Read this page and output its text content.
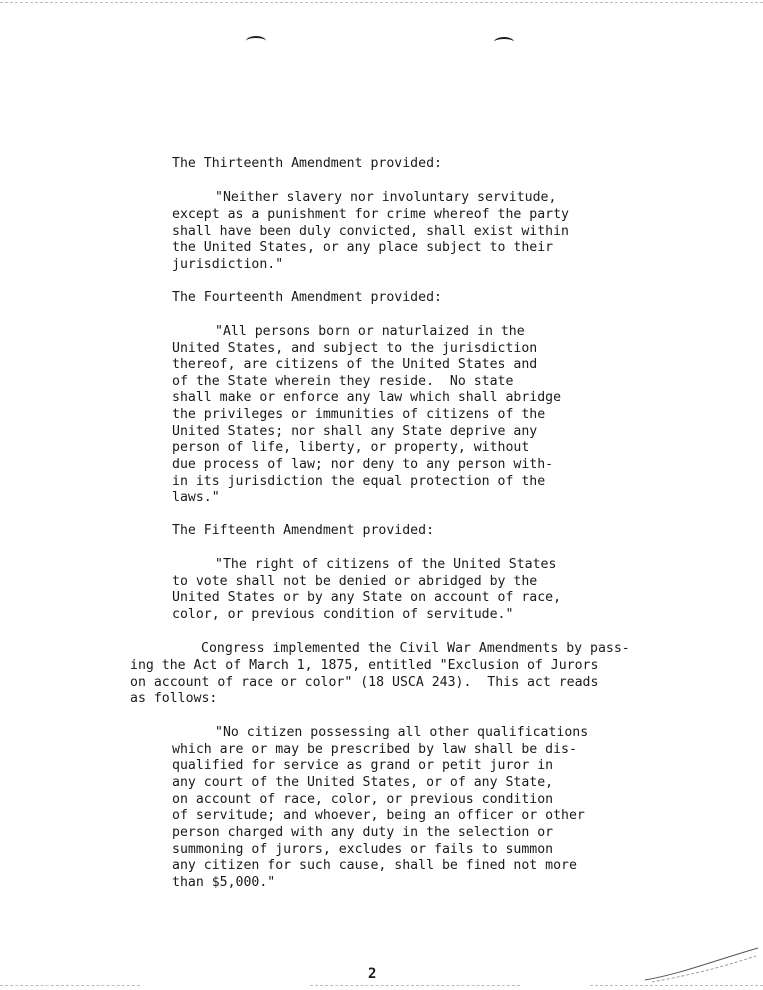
The Thirteenth Amendment provided:
"Neither slavery nor involuntary servitude,
except as a punishment for crime whereof the party
shall have been duly convicted, shall exist within
the United States, or any place subject to their
jurisdiction."
The Fourteenth Amendment provided:
"All persons born or naturlaized in the
United States, and subject to the jurisdiction
thereof, are citizens of the United States and
of the State wherein they reside.  No state
shall make or enforce any law which shall abridge
the privileges or immunities of citizens of the
United States; nor shall any State deprive any
person of life, liberty, or property, without
due process of law; nor deny to any person with-
in its jurisdiction the equal protection of the
laws."
The Fifteenth Amendment provided:
"The right of citizens of the United States
to vote shall not be denied or abridged by the
United States or by any State on account of race,
color, or previous condition of servitude."
Congress implemented the Civil War Amendments by pass-
ing the Act of March 1, 1875, entitled "Exclusion of Jurors
on account of race or color" (18 USCA 243).  This act reads
as follows:
"No citizen possessing all other qualifications
which are or may be prescribed by law shall be dis-
qualified for service as grand or petit juror in
any court of the United States, or of any State,
on account of race, color, or previous condition
of servitude; and whoever, being an officer or other
person charged with any duty in the selection or
summoning of jurors, excludes or fails to summon
any citizen for such cause, shall be fined not more
than $5,000."
2
